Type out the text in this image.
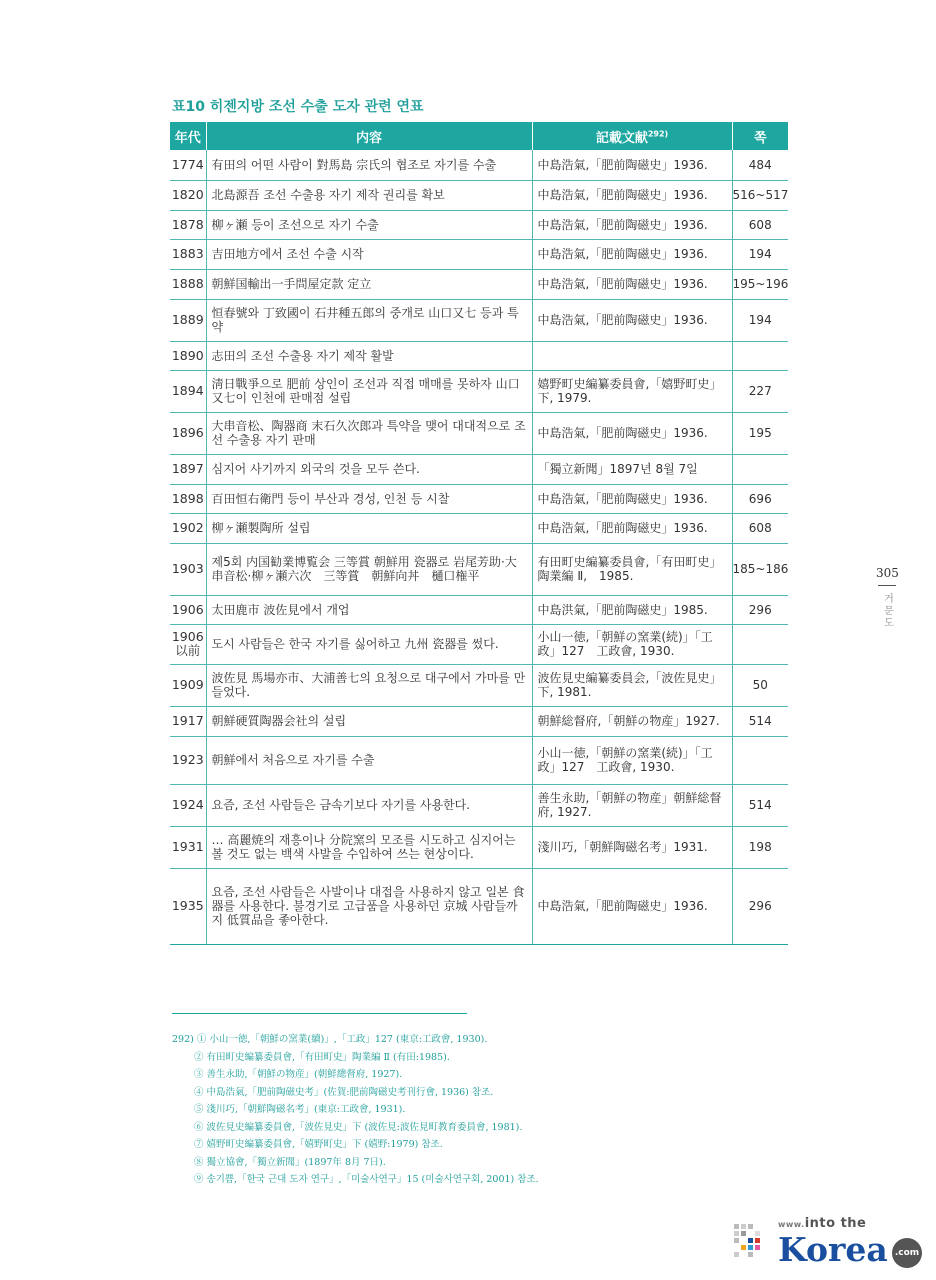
표10 히젠지방 조선 수출 도자 관련 연표
年代	内容	記載文献$^{292)}$	쪽
1774	有田의 어떤 사람이 對馬島 宗氏의 협조로 자기를 수출	中島浩氣,「肥前陶磁史」1936.	484
1820	北島源吾 조선 수출용 자기 제작 권리를 확보	中島浩氣,「肥前陶磁史」1936.	516~517
1878	柳ヶ瀬 등이 조선으로 자기 수출	中島浩氣,「肥前陶磁史」1936.	608
1883	吉田地方에서 조선 수출 시작	中島浩氣,「肥前陶磁史」1936.	194
1888	朝鮮国輸出一手問屋定款 定立	中島浩氣,「肥前陶磁史」1936.	195~196
1889	恒春號와 丁致國이 石井種五郎의 중개로 山口又七 등과 특약	中島浩氣,「肥前陶磁史」1936.	194
1890	志田의 조선 수출용 자기 제작 활발		
1894	淸日戰爭으로 肥前 상인이 조선과 직접 매매를 못하자 山口又七이 인천에 판매점 설립	嬉野町史編纂委員會,「嬉野町史」下, 1979.	227
1896	大串音松、陶器商 末石久次郎과 특약을 맺어 대대적으로 조선 수출용 자기 판매	中島浩氣,「肥前陶磁史」1936.	195
1897	심지어 사기까지 외국의 것을 모두 쓴다.	「獨立新聞」1897년 8월 7일	
1898	百田恒右衛門 등이 부산과 경성, 인천 등 시찰	中島浩氣,「肥前陶磁史」1936.	696
1902	柳ヶ瀬製陶所 설립	中島浩氣,「肥前陶磁史」1936.	608
1903	제5회 内国勧業博覧会 三等賞 朝鮮用 瓷器로 岩尾芳助·大串音松·柳ヶ瀬六次　三等賞　朝鮮向丼　樋口権平	有田町史編纂委員會,「有田町史」陶業編 Ⅱ,　1985.	185~186
1906	太田鹿市 波佐見에서 개업	中島洪氣,「肥前陶磁史」1985.	296
1906以前	도시 사람들은 한국 자기를 싫어하고 九州 瓷器를 썼다.	小山一徳,「朝鮮の窯業(続)」「工政」127　工政會, 1930.	
1909	波佐見 馬場亦市、大浦善七의 요청으로 대구에서 가마를 만들었다.	波佐見史編纂委員会,「波佐見史」下, 1981.	50
1917	朝鮮硬質陶器会社의 설립	朝鮮総督府,「朝鮮の物産」1927.	514
1923	朝鮮에서 처음으로 자기를 수출	小山一徳,「朝鮮の窯業(続)」「工政」127　工政會, 1930.	
1924	요즘, 조선 사람들은 금속기보다 자기를 사용한다.	善生永助,「朝鮮の物産」朝鮮総督府, 1927.	514
1931	… 高麗焼의 재흥이나 分院窯의 모조를 시도하고 심지어는 볼 것도 없는 백색 사발을 수입하여 쓰는 현상이다.	淺川巧,「朝鮮陶磁名考」1931.	198
1935	요즘, 조선 사람들은 사발이나 대접을 사용하지 않고 일본 食器를 사용한다. 불경기로 고급품을 사용하던 京城 사람들까지 低質品을 좋아한다.	中島浩氣,「肥前陶磁史」1936.	296
292) ① 小山一徳,「朝鮮の窯業(續)」,「工政」127 (東京:工政會, 1930).
② 有田町史編纂委員會,「有田町史」陶業編 Ⅱ (有田:1985).
③ 善生永助,「朝鮮の物産」(朝鮮總督府, 1927).
④ 中島浩氣,「肥前陶磁史考」(佐賀:肥前陶磁史考刊行會, 1936) 참조.
⑤ 淺川巧,「朝鮮陶磁名考」(東京:工政會, 1931).
⑥ 波佐見史編纂委員會,「波佐見史」下 (波佐見:波佐見町教育委員會, 1981).
⑦ 嬉野町史編纂委員會,「嬉野町史」下 (嬉野:1979) 참조.
⑧ 獨立協會,「獨立新聞」(1897年 8月 7日).
⑨ 송기쁨,「한국 근대 도자 연구」,「미술사연구」15 (미술사연구회, 2001) 참조.
305
거문도
www.into the
Korea .com
